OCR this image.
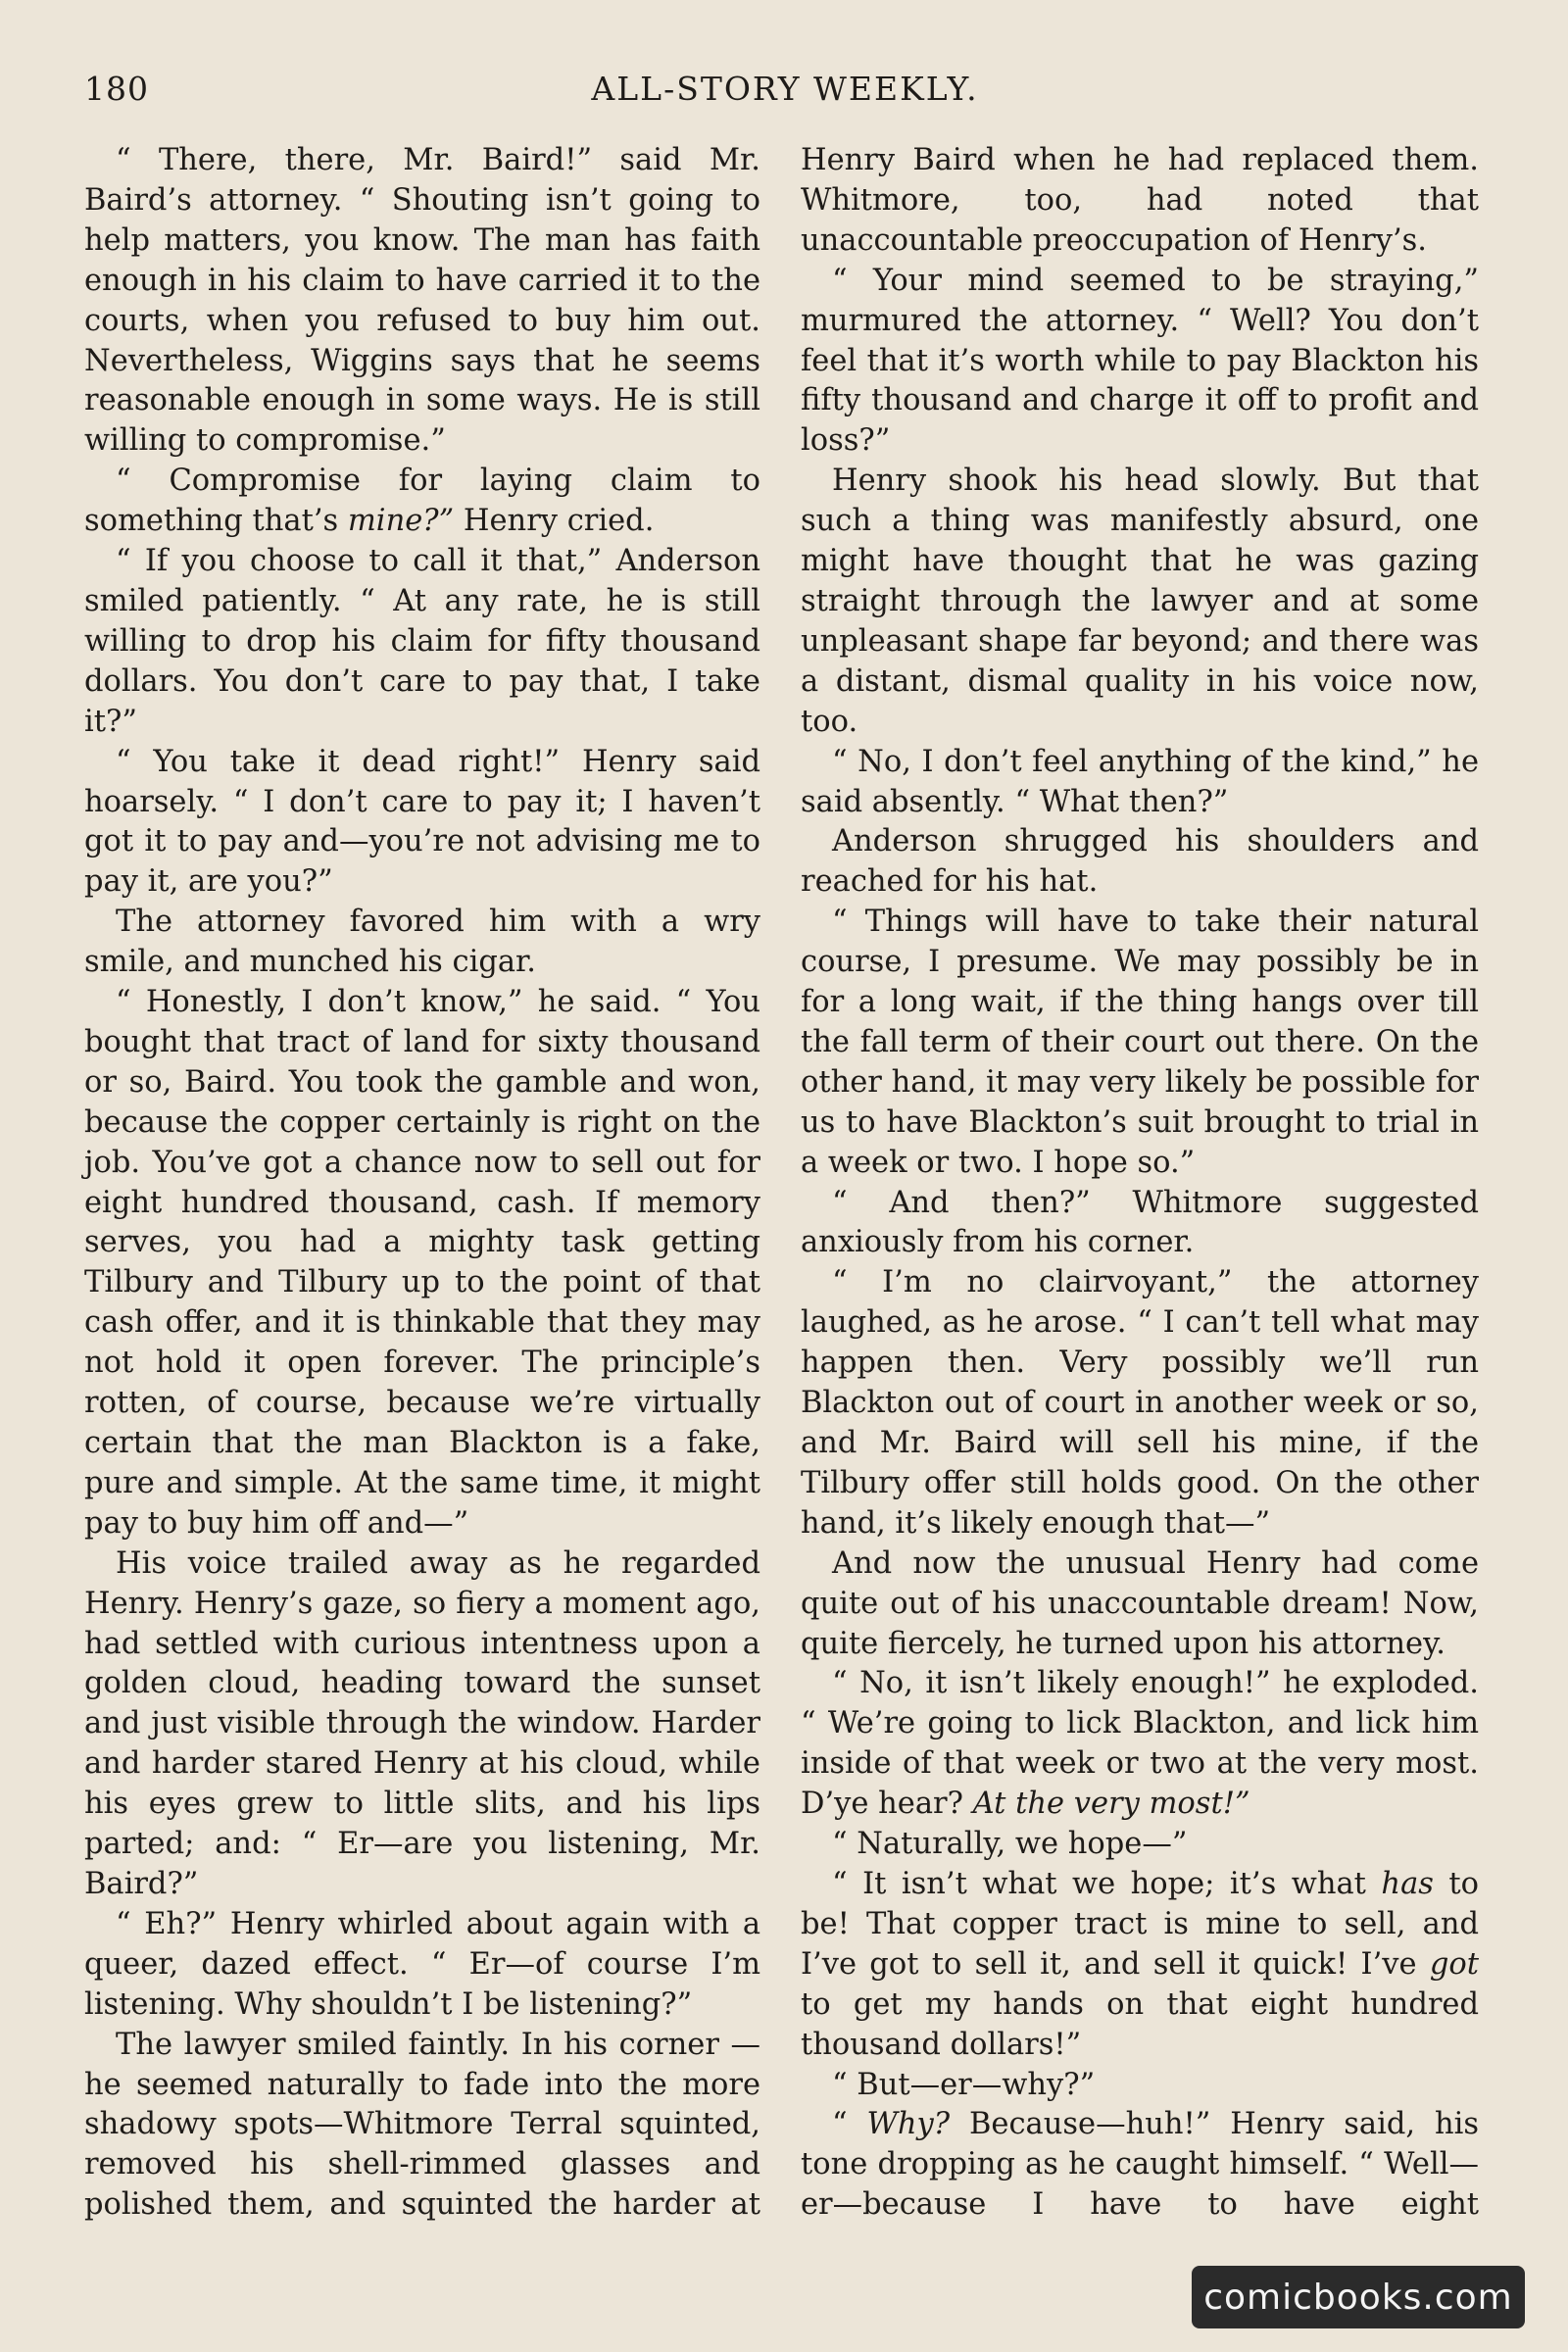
180	ALL-STORY WEEKLY.

“ There, there, Mr. Baird!” said Mr. Baird’s attorney. “ Shouting isn’t going to help matters, you know. The man has faith enough in his claim to have carried it to the courts, when you refused to buy him out. Nevertheless, Wiggins says that he seems reasonable enough in some ways. He is still willing to compromise.”

“ Compromise for laying claim to something that’s mine?” Henry cried.

“ If you choose to call it that,” Anderson smiled patiently. “ At any rate, he is still willing to drop his claim for fifty thousand dollars. You don’t care to pay that, I take it?”

“ You take it dead right!” Henry said hoarsely. “ I don’t care to pay it; I haven’t got it to pay and—you’re not advising me to pay it, are you?”

The attorney favored him with a wry smile, and munched his cigar.

“ Honestly, I don’t know,” he said. “ You bought that tract of land for sixty thousand or so, Baird. You took the gamble and won, because the copper certainly is right on the job. You’ve got a chance now to sell out for eight hundred thousand, cash. If memory serves, you had a mighty task getting Tilbury and Tilbury up to the point of that cash offer, and it is thinkable that they may not hold it open forever. The principle’s rotten, of course, because we’re virtually certain that the man Blackton is a fake, pure and simple. At the same time, it might pay to buy him off and—”

His voice trailed away as he regarded Henry. Henry’s gaze, so fiery a moment ago, had settled with curious intentness upon a golden cloud, heading toward the sunset and just visible through the window. Harder and harder stared Henry at his cloud, while his eyes grew to little slits, and his lips parted; and: “ Er—are you listening, Mr. Baird?”

“ Eh?” Henry whirled about again with a queer, dazed effect. “ Er—of course I’m listening. Why shouldn’t I be listening?”

The lawyer smiled faintly. In his corner —he seemed naturally to fade into the more shadowy spots—Whitmore Terral squinted, removed his shell-rimmed glasses and polished them, and squinted the harder at

Henry Baird when he had replaced them. Whitmore, too, had noted that unaccountable preoccupation of Henry’s.

“ Your mind seemed to be straying,” murmured the attorney. “ Well? You don’t feel that it’s worth while to pay Blackton his fifty thousand and charge it off to profit and loss?”

Henry shook his head slowly. But that such a thing was manifestly absurd, one might have thought that he was gazing straight through the lawyer and at some unpleasant shape far beyond; and there was a distant, dismal quality in his voice now, too.

“ No, I don’t feel anything of the kind,” he said absently. “ What then?”

Anderson shrugged his shoulders and reached for his hat.

“ Things will have to take their natural course, I presume. We may possibly be in for a long wait, if the thing hangs over till the fall term of their court out there. On the other hand, it may very likely be possible for us to have Blackton’s suit brought to trial in a week or two. I hope so.”

“ And then?” Whitmore suggested anxiously from his corner.

“ I’m no clairvoyant,” the attorney laughed, as he arose. “ I can’t tell what may happen then. Very possibly we’ll run Blackton out of court in another week or so, and Mr. Baird will sell his mine, if the Tilbury offer still holds good. On the other hand, it’s likely enough that—”

And now the unusual Henry had come quite out of his unaccountable dream! Now, quite fiercely, he turned upon his attorney.

“ No, it isn’t likely enough!” he exploded. “ We’re going to lick Blackton, and lick him inside of that week or two at the very most. D’ye hear? At the very most!”

“ Naturally, we hope—”

“ It isn’t what we hope; it’s what has to be! That copper tract is mine to sell, and I’ve got to sell it, and sell it quick! I’ve got to get my hands on that eight hundred thousand dollars!”

“ But—er—why?”

“ Why? Because—huh!” Henry said, his tone dropping as he caught himself. “ Well—er—because I have to have eight

comicbooks.com
